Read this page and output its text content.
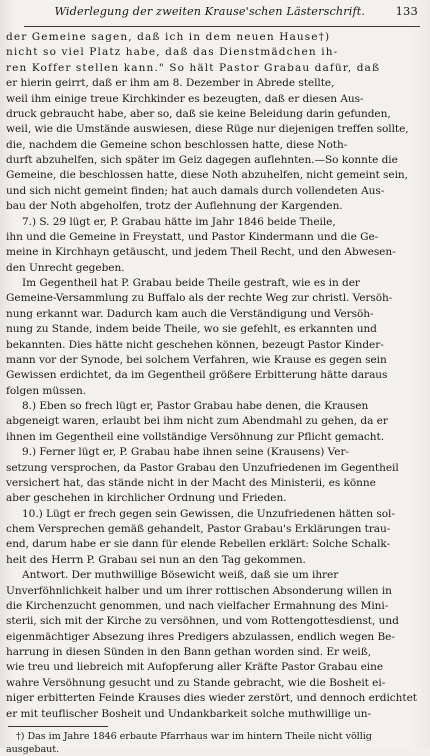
Widerlegung der zweiten Krause'schen Lästerschrift.	133
der Gemeine sagen, daß ich in dem neuen Hause†)
nicht so viel Platz habe, daß das Dienstmädchen ih-
ren Koffer stellen kann." So hält Pastor Grabau dafür, daß
er hierin geirrt, daß er ihm am 8. Dezember in Abrede stellte,
weil ihm einige treue Kirchkinder es bezeugten, daß er diesen Aus-
druck gebraucht habe, aber so, daß sie keine Beleidung darin gefunden,
weil, wie die Umstände auswiesen, diese Rüge nur diejenigen treffen sollte,
die, nachdem die Gemeine schon beschlossen hatte, diese Noth-
durft abzuhelfen, sich später im Geiz dagegen auflehnten.—So konnte die
Gemeine, die beschlossen hatte, diese Noth abzuhelfen, nicht gemeint sein,
und sich nicht gemeint finden; hat auch damals durch vollendeten Aus-
bau der Noth abgeholfen, trotz der Auflehnung der Kargenden.
7.) S. 29 lügt er, P. Grabau hätte im Jahr 1846 beide Theile,
ihn und die Gemeine in Freystatt, und Pastor Kindermann und die Ge-
meine in Kirchhayn getäuscht, und jedem Theil Recht, und den Abwesen-
den Unrecht gegeben.
Im Gegentheil hat P. Grabau beide Theile gestraft, wie es in der
Gemeine-Versammlung zu Buffalo als der rechte Weg zur christl. Versöh-
nung erkannt war. Dadurch kam auch die Verständigung und Versöh-
nung zu Stande, indem beide Theile, wo sie gefehlt, es erkannten und
bekannten. Dies hätte nicht geschehen können, bezeugt Pastor Kinder-
mann vor der Synode, bei solchem Verfahren, wie Krause es gegen sein
Gewissen erdichtet, da im Gegentheil größere Erbitterung hätte daraus
folgen müssen.
8.) Eben so frech lügt er, Pastor Grabau habe denen, die Krausen
abgeneigt waren, erlaubt bei ihm nicht zum Abendmahl zu gehen, da er
ihnen im Gegentheil eine vollständige Versöhnung zur Pflicht gemacht.
9.) Ferner lügt er, P. Grabau habe ihnen seine (Krausens) Ver-
setzung versprochen, da Pastor Grabau den Unzufriedenen im Gegentheil
versichert hat, das stände nicht in der Macht des Ministerii, es könne
aber geschehen in kirchlicher Ordnung und Frieden.
10.) Lügt er frech gegen sein Gewissen, die Unzufriedenen hätten sol-
chem Versprechen gemäß gehandelt, Pastor Grabau's Erklärungen trau-
end, darum habe er sie dann für elende Rebellen erklärt: Solche Schalk-
heit des Herrn P. Grabau sei nun an den Tag gekommen.
Antwort. Der muthwillige Bösewicht weiß, daß sie um ihrer
Unverföhnlichkeit halber und um ihrer rottischen Absonderung willen in
die Kirchenzucht genommen, und nach vielfacher Ermahnung des Mini-
sterii, sich mit der Kirche zu versöhnen, und vom Rottengottesdienst, und
eigenmächtiger Absezung ihres Predigers abzulassen, endlich wegen Be-
harrung in diesen Sünden in den Bann gethan worden sind. Er weiß,
wie treu und liebreich mit Aufopferung aller Kräfte Pastor Grabau eine
wahre Versöhnung gesucht und zu Stande gebracht, wie die Bosheit ei-
niger erbitterten Feinde Krauses dies wieder zerstört, und dennoch erdichtet
er mit teuflischer Bosheit und Undankbarkeit solche muthwillige un-
†) Das im Jahre 1846 erbaute Pfarrhaus war im hintern Theile nicht völlig
ausgebaut.
